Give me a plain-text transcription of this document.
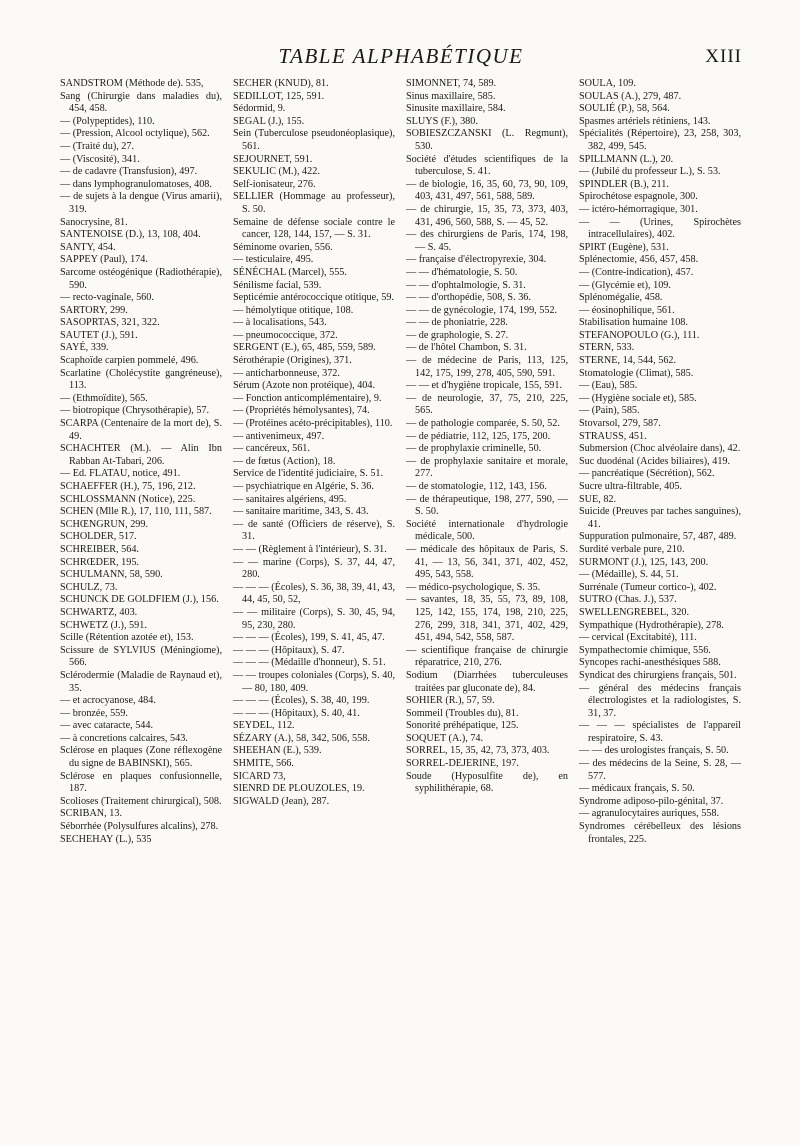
TABLE ALPHABÉTIQUE	XIII

SANDSTROM (Méthode de). 535,

Sang (Chirurgie dans maladies du), 454, 458.

— (Polypeptides), 110.

— (Pression, Alcool octylique), 562.

— (Traité du), 27.

— (Viscosité), 341.

— de cadavre (Transfusion), 497.

— dans lymphogranulomatoses, 408.

— de sujets à la dengue (Virus amarii), 319.

Sanocrysine, 81.

SANTENOISE (D.), 13, 108, 404.

SANTY, 454.

SAPPEY (Paul), 174.

Sarcome ostéogénique (Radiothérapie), 590.

— recto-vaginale, 560.

SARTORY, 299.

SASOPRTAS, 321, 322.

SAUTET (J.), 591.

SAYÉ, 339.

Scaphoïde carpien pommelé, 496.

Scarlatine (Cholécystite gangréneuse), 113.

— (Ethmoïdite), 565.

— biotropique (Chrysothérapie), 57.

SCARPA (Centenaire de la mort de), S. 49.

SCHACHTER (M.). — Alin Ibn Rabban At-Tabari, 206.

— Ed. FLATAU, notice, 491.

SCHAEFFER (H.), 75, 196, 212.

SCHLOSSMANN (Notice), 225.

SCHEN (Mlle R.), 17, 110, 111, 587.

SCHŒNGRUN, 299.

SCHOLDER, 517.

SCHREIBER, 564.

SCHRŒDER, 195.

SCHULMANN, 58, 590.

SCHULZ, 73.

SCHUNCK DE GOLDFIEM (J.), 156.

SCHWARTZ, 403.

SCHWETZ (J.), 591.

Scille (Rétention azotée et), 153.

Scissure de SYLVIUS (Méningiome), 566.

Sclérodermie (Maladie de Raynaud et), 35.

— et acrocyanose, 484.

— bronzée, 559.

— avec cataracte, 544.

— à concretions calcaires, 543.

Sclérose en plaques (Zone réflexogène du signe de BABINSKI), 565.

Sclérose en plaques confusionnelle, 187.

Scolioses (Traitement chirurgical), 508.

SCRIBAN, 13.

Séborrhée (Polysulfures alcalins), 278.

SECHEHAY (L.), 535

SECHER (KNUD), 81.

SEDILLOT, 125, 591.

Sédormid, 9.

SEGAL (J.), 155.

Sein (Tuberculose pseudonéoplasique), 561.

SEJOURNET, 591.

SEKULIC (M.), 422.

Self-ionisateur, 276.

SELLIER (Hommage au professeur), S. 50.

Semaine de défense sociale contre le cancer, 128, 144, 157, — S. 31.

Séminome ovarien, 556.

— testiculaire, 495.

SÉNÉCHAL (Marcel), 555.

Sénilisme facial, 539.

Septicémie antérococcique otitique, 59.

— hémolytique otitique, 108.

— à localisations, 543.

— pneumococcique, 372.

SERGENT (E.), 65, 485, 559, 589.

Sérothérapie (Origines), 371.

— anticharbonneuse, 372.

Sérum (Azote non protéique), 404.

— Fonction anticomplémentaire), 9.

— (Propriétés hémolysantes), 74.

— (Protéines acéto-précipitables), 110.

— antivenimeux, 497.

— cancéreux, 561.

— de fœtus (Action), 18.

Service de l'identité judiciaire, S. 51.

— psychiatrique en Algérie, S. 36.

— sanitaires algériens, 495.

— sanitaire maritime, 343, S. 43.

— de santé (Officiers de réserve), S. 31.

— — (Règlement à l'intérieur), S. 31.

— — marine (Corps), S. 37, 44, 47, 280.

— — — (Écoles), S. 36, 38, 39, 41, 43, 44, 45, 50, 52,

— — militaire (Corps), S. 30, 45, 94, 95, 230, 280.

— — — (Écoles), 199, S. 41, 45, 47.

— — — (Hôpitaux), S. 47.

— — — (Médaille d'honneur), S. 51.

— — troupes coloniales (Corps), S. 40, — 80, 180, 409.

— — — (Écoles), S. 38, 40, 199.

— — — (Hôpitaux), S. 40, 41.

SEYDEL, 112.

SÉZARY (A.), 58, 342, 506, 558.

SHEEHAN (E.), 539.

SHMITE, 566.

SICARD 73,

SIENRD DE PLOUZOLES, 19.

SIGWALD (Jean), 287.

SIMONNET, 74, 589.

Sinus maxillaire, 585.

Sinusite maxillaire, 584.

SLUYS (F.), 380.

SOBIESZCZANSKI (L. Regmunt), 530.

Société d'études scientifiques de la tuberculose, S. 41.

— de biologie, 16, 35, 60, 73, 90, 109, 403, 431, 497, 561, 588, 589.

— de chirurgie, 15, 35, 73, 373, 403, 431, 496, 560, 588, S. — 45, 52.

— des chirurgiens de Paris, 174, 198, — S. 45.

— française d'électropyrexie, 304.

— — d'hématologie, S. 50.

— — d'ophtalmologie, S. 31.

— — d'orthopédie, 508, S. 36.

— — de gynécologie, 174, 199, 552.

— — de phoniatrie, 228.

— de graphologie, S. 27.

— de l'hôtel Chambon, S. 31.

— de médecine de Paris, 113, 125, 142, 175, 199, 278, 405, 590, 591.

— — et d'hygiène tropicale, 155, 591.

— de neurologie, 37, 75, 210, 225, 565.

— de pathologie comparée, S. 50, 52.

— de pédiatrie, 112, 125, 175, 200.

— de prophylaxie criminelle, 50.

— de prophylaxie sanitaire et morale, 277.

— de stomatologie, 112, 143, 156.

— de thérapeutique, 198, 277, 590, — S. 50.

Société internationale d'hydrologie médicale, 500.

— médicale des hôpitaux de Paris, S. 41, — 13, 56, 341, 371, 402, 452, 495, 543, 558.

— médico-psychologique, S. 35.

— savantes, 18, 35, 55, 73, 89, 108, 125, 142, 155, 174, 198, 210, 225, 276, 299, 318, 341, 371, 402, 429, 451, 494, 542, 558, 587.

— scientifique française de chirurgie réparatrice, 210, 276.

Sodium (Diarrhées tuberculeuses traitées par gluconate de), 84.

SOHIER (R.), 57, 59.

Sommeil (Troubles du), 81.

Sonorité préhépatique, 125.

SOQUET (A.), 74.

SORREL, 15, 35, 42, 73, 373, 403.

SORREL-DEJERINE, 197.

Soude (Hyposulfite de), en syphilithérapie, 68.

SOULA, 109.

SOULAS (A.), 279, 487.

SOULIÉ (P.), 58, 564.

Spasmes artériels rétiniens, 143.

Spécialités (Répertoire), 23, 258, 303, 382, 499, 545.

SPILLMANN (L.), 20.

— (Jubilé du professeur L.), S. 53.

SPINDLER (B.), 211.

Spirochétose espagnole, 300.

— ictéro-hémorragique, 301.

— — (Urines, Spirochètes intracellulaires), 402.

SPIRT (Eugène), 531.

Splénectomie, 456, 457, 458.

— (Contre-indication), 457.

— (Glycémie et), 109.

Splénomégalie, 458.

— éosinophilique, 561.

Stabilisation humaine 108.

STEFANOPOULO (G.), 111.

STERN, 533.

STERNE, 14, 544, 562.

Stomatologie (Climat), 585.

— (Eau), 585.

— (Hygiène sociale et), 585.

— (Pain), 585.

Stovarsol, 279, 587.

STRAUSS, 451.

Submersion (Choc alvéolaire dans), 42.

Suc duodénal (Acides biliaires), 419.

— pancréatique (Sécrétion), 562.

Sucre ultra-filtrable, 405.

SUE, 82.

Suicide (Preuves par taches sanguines), 41.

Suppuration pulmonaire, 57, 487, 489.

Surdité verbale pure, 210.

SURMONT (J.), 125, 143, 200.

— (Médaille), S. 44, 51.

Surrénale (Tumeur cortico-), 402.

SUTRO (Chas. J.), 537.

SWELLENGREBEL, 320.

Sympathique (Hydrothérapie), 278.

— cervical (Excitabité), 111.

Sympathectomie chimique, 556.

Syncopes rachi-anesthésiques 588.

Syndicat des chirurgiens français, 501.

— général des médecins français électrologistes et la radiologistes, S. 31, 37.

— — — spécialistes de l'appareil respiratoire, S. 43.

— — des urologistes français, S. 50.

— des médecins de la Seine, S. 28, — 577.

— médicaux français, S. 50.

Syndrome adiposo-pilo-génital, 37.

— agranulocytaires auriques, 558.

Syndromes cérébelleux des lésions frontales, 225.
